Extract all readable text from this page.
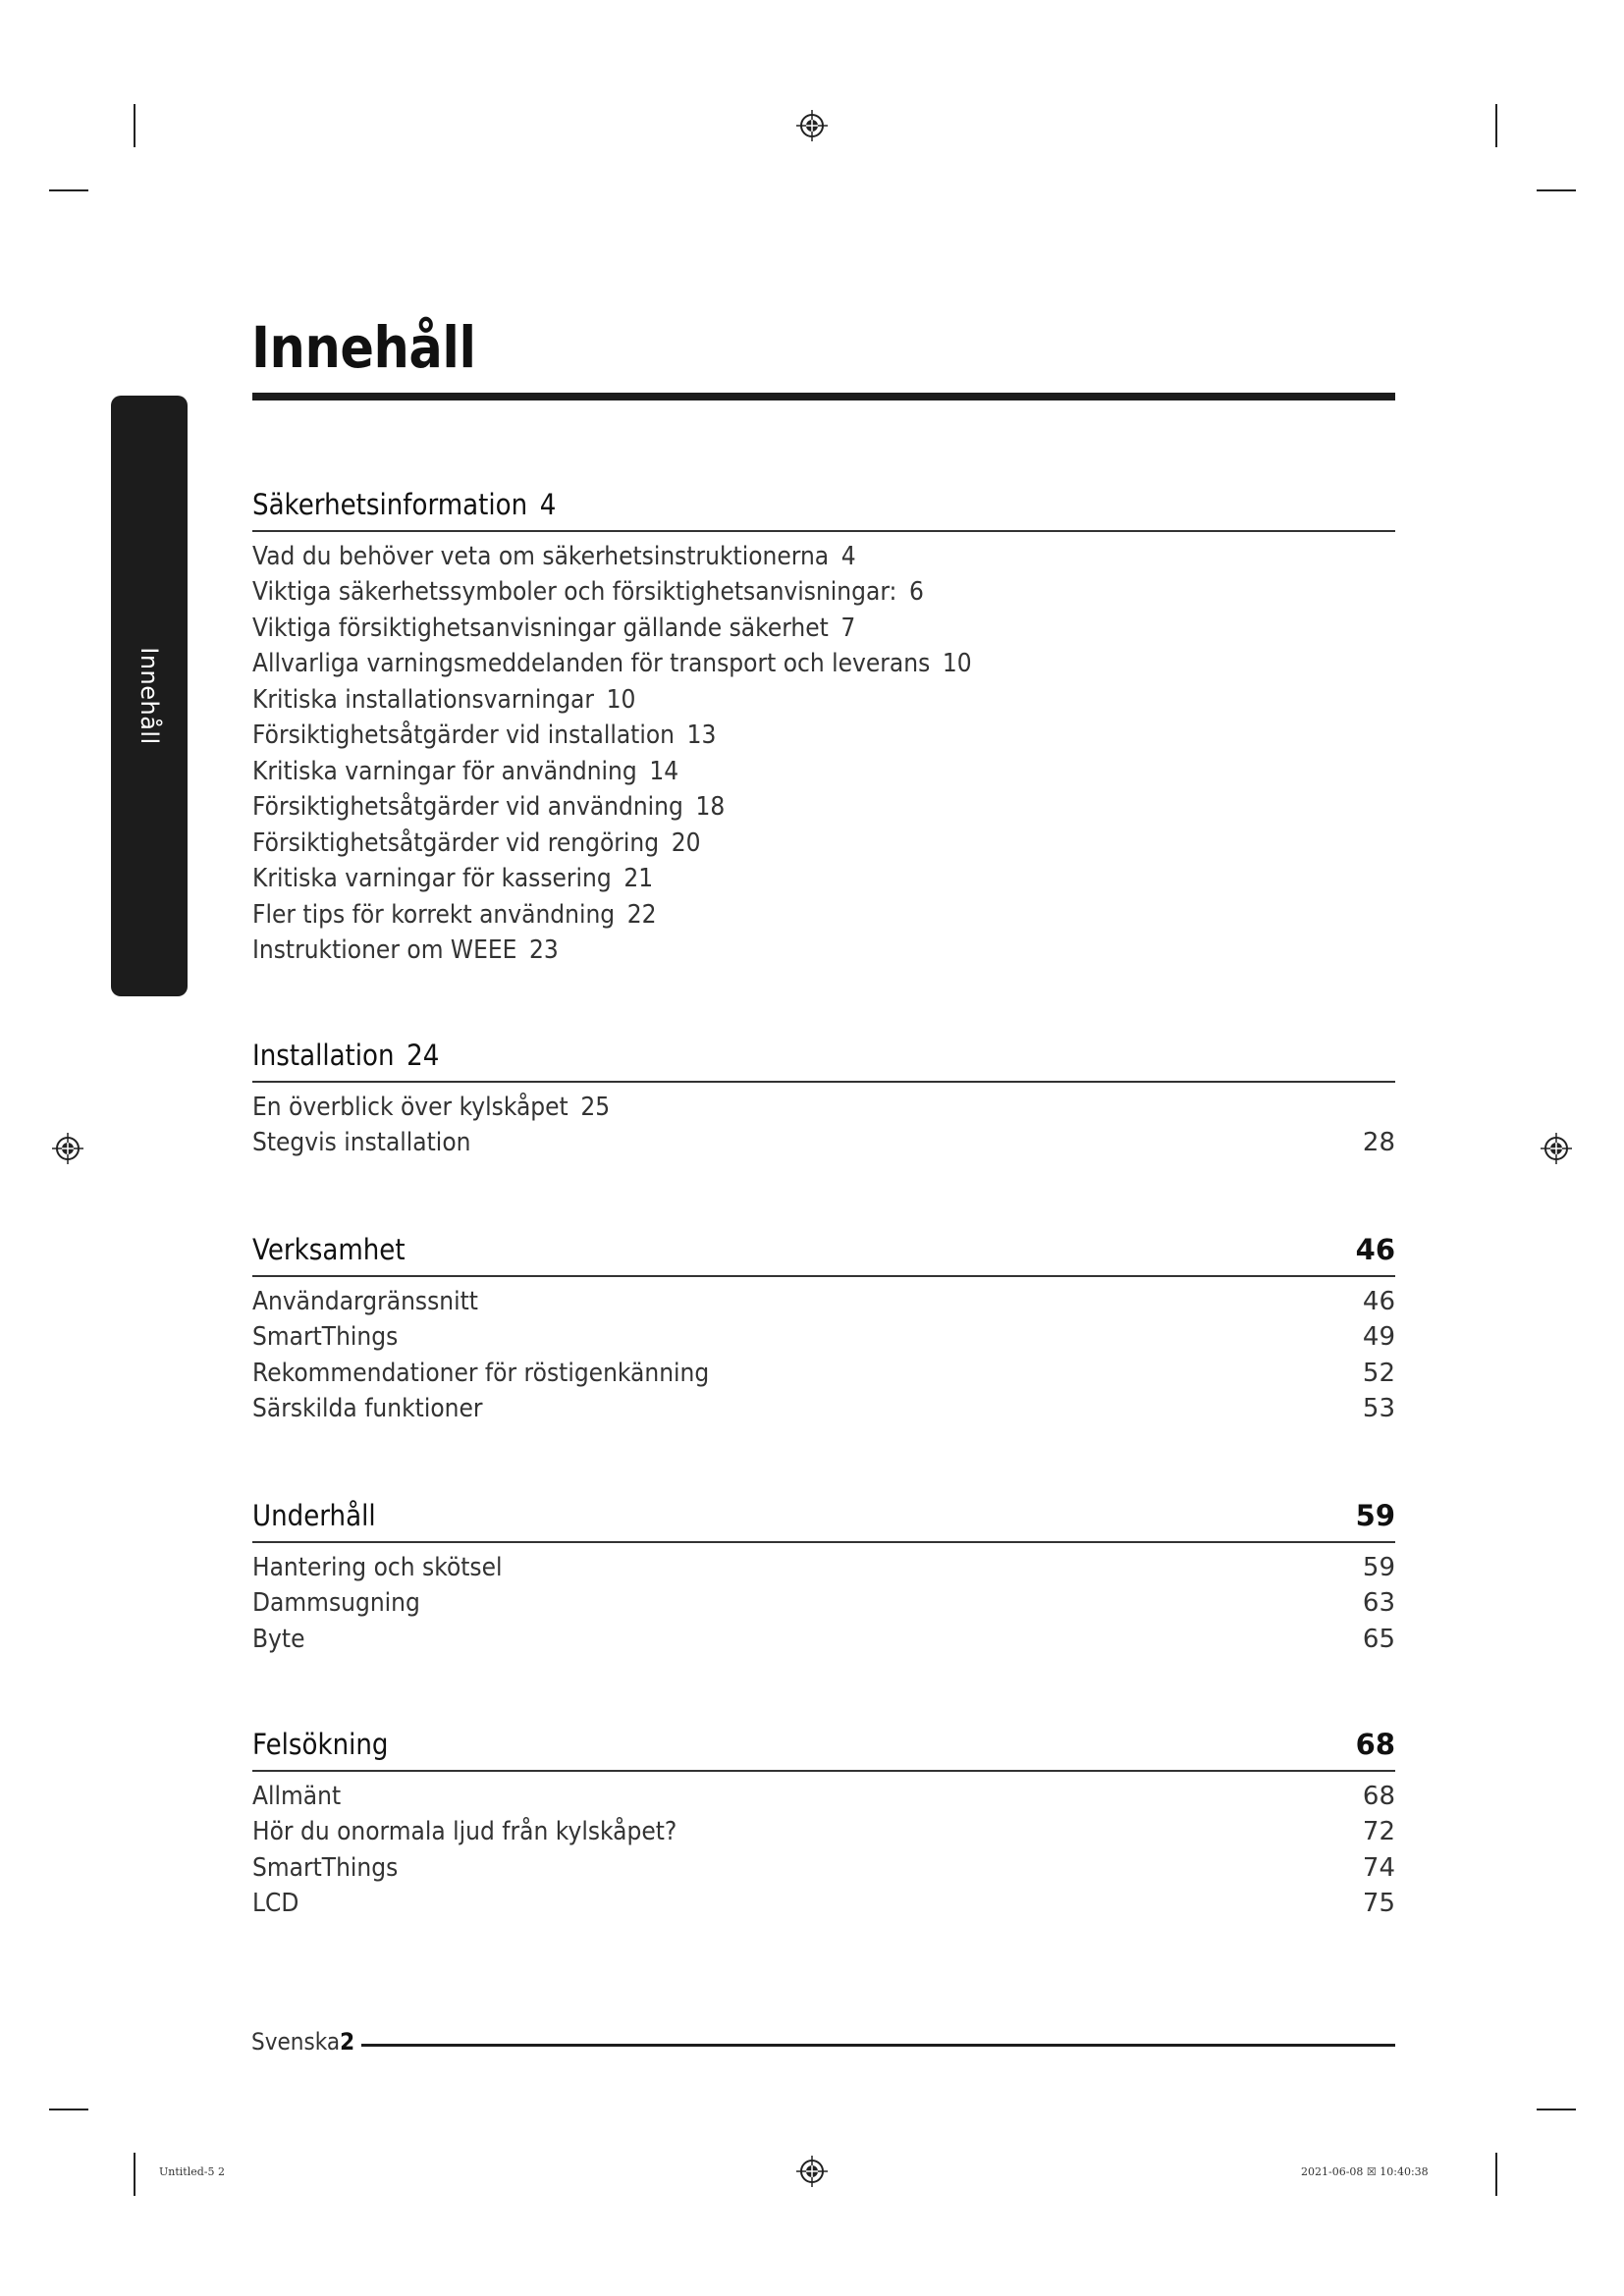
Innehåll
Innehåll
Säkerhetsinformation 4
Vad du behöver veta om säkerhetsinstruktionerna 4
Viktiga säkerhetssymboler och försiktighetsanvisningar: 6
Viktiga försiktighetsanvisningar gällande säkerhet 7
Allvarliga varningsmeddelanden för transport och leverans 10
Kritiska installationsvarningar 10
Försiktighetsåtgärder vid installation 13
Kritiska varningar för användning 14
Försiktighetsåtgärder vid användning 18
Försiktighetsåtgärder vid rengöring 20
Kritiska varningar för kassering 21
Fler tips för korrekt användning 22
Instruktioner om WEEE 23
Installation 24
En överblick över kylskåpet 25
Stegvis installation	28
Verksamhet	46
Användargränssnitt	46
SmartThings	49
Rekommendationer för röstigenkänning	52
Särskilda funktioner	53
Underhåll	59
Hantering och skötsel	59
Dammsugning	63
Byte	65
Felsökning	68
Allmänt	68
Hör du onormala ljud från kylskåpet?	72
SmartThings	74
LCD	75
Svenska2
Untitled-5 2	2021-06-08 ☒ 10:40:38
